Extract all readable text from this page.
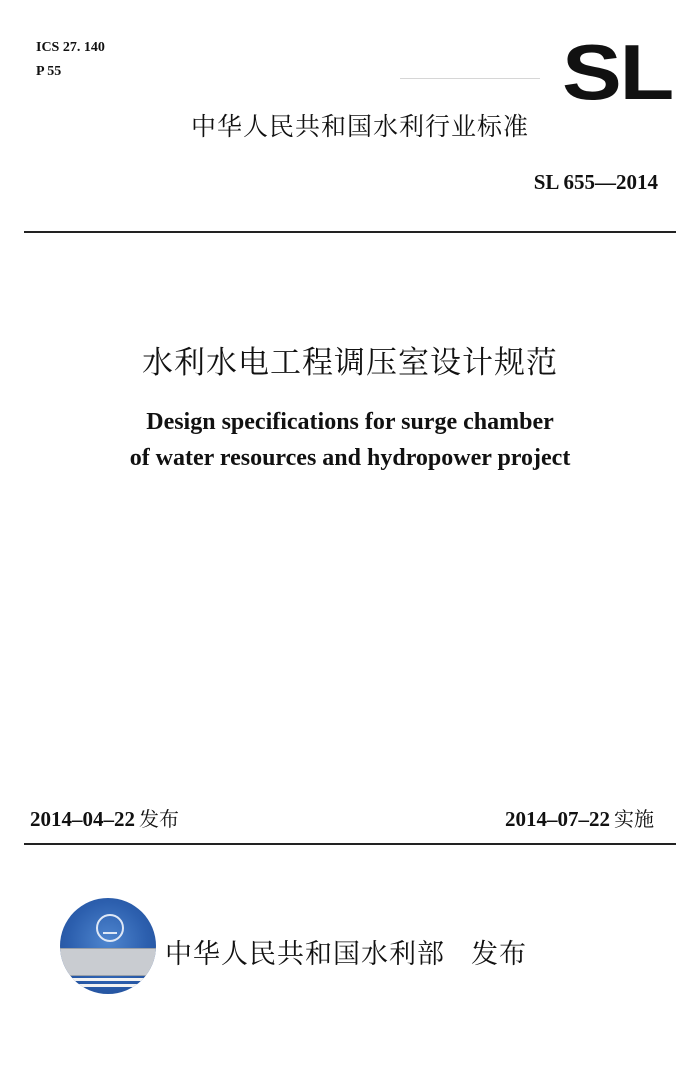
ICS 27. 140
P 55	SL
中华人民共和国水利行业标准
SL 655—2014
水利水电工程调压室设计规范
Design specifications for surge chamber
of water resources and hydropower project
2014–04–22 发布	2014–07–22 实施
中华人民共和国水利部 发布
